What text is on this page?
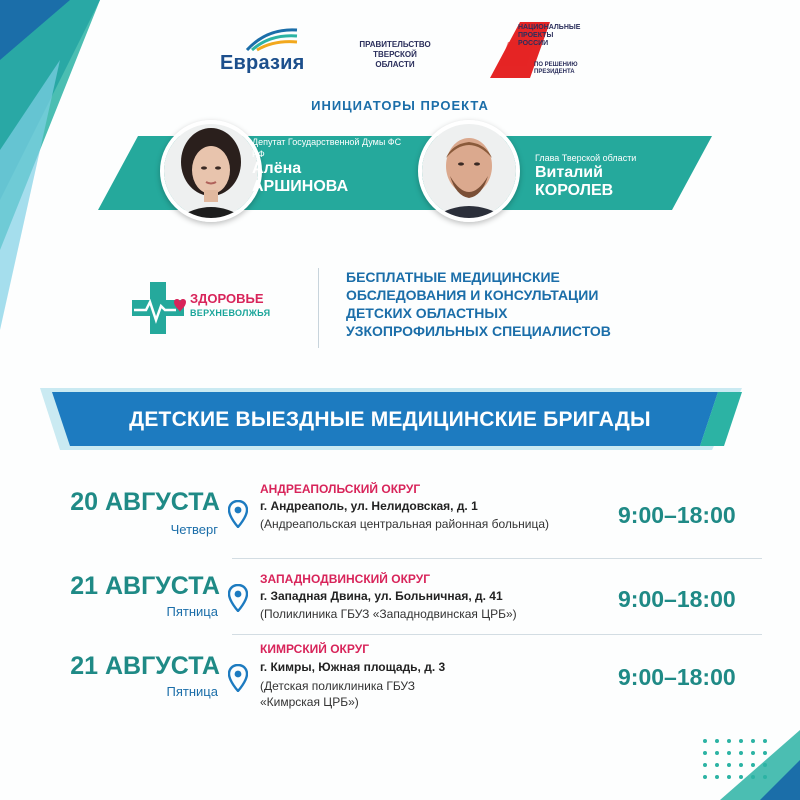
Евразия
ПРАВИТЕЛЬСТВО
ТВЕРСКОЙ
ОБЛАСТИ
НАЦИОНАЛЬНЫЕ ПРОЕКТЫ РОССИИ
ПО РЕШЕНИЮ ПРЕЗИДЕНТА
ИНИЦИАТОРЫ ПРОЕКТА
Депутат Государственной Думы ФС РФ
Алёна
АРШИНОВА
Глава Тверской области
Виталий
КОРОЛЕВ
ЗДОРОВЬЕ
ВЕРХНЕВОЛЖЬЯ
БЕСПЛАТНЫЕ МЕДИЦИНСКИЕ
ОБСЛЕДОВАНИЯ И КОНСУЛЬТАЦИИ
ДЕТСКИХ ОБЛАСТНЫХ
УЗКОПРОФИЛЬНЫХ СПЕЦИАЛИСТОВ
ДЕТСКИЕ ВЫЕЗДНЫЕ МЕДИЦИНСКИЕ БРИГАДЫ
20 АВГУСТА
Четверг
АНДРЕАПОЛЬСКИЙ ОКРУГ
г. Андреаполь, ул. Нелидовская, д. 1
(Андреапольская центральная районная больница)	9:00–18:00
21 АВГУСТА
Пятница
ЗАПАДНОДВИНСКИЙ ОКРУГ
г. Западная Двина, ул. Больничная, д. 41
(Поликлиника ГБУЗ «Западнодвинская ЦРБ»)
9:00–18:00
21 АВГУСТА
Пятница
КИМРСКИЙ ОКРУГ
г. Кимры, Южная площадь, д. 3
(Детская поликлиника ГБУЗ «Кимрская ЦРБ»)
9:00–18:00
